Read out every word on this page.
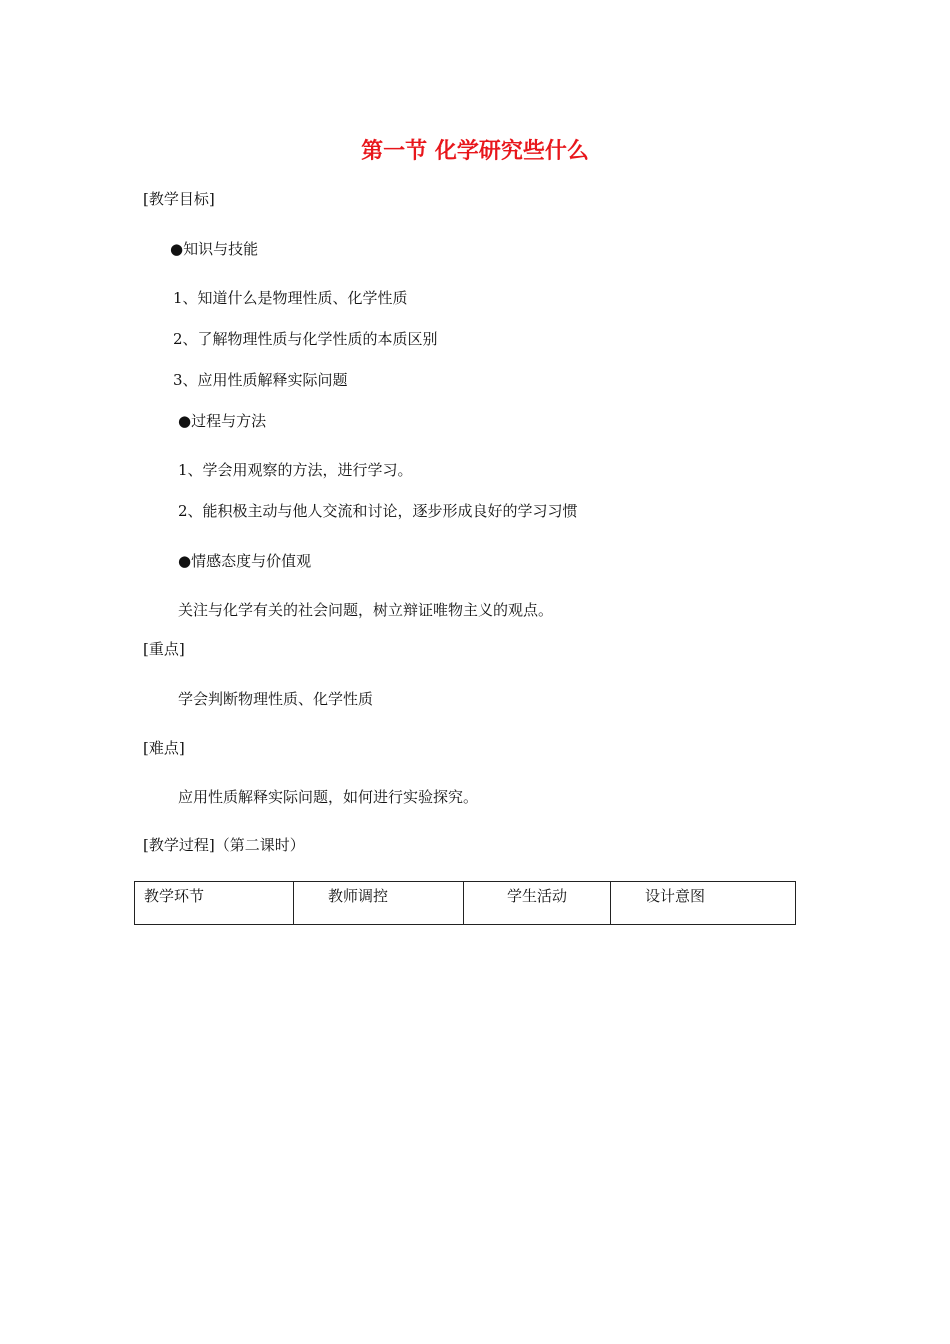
第一节 化学研究些什么
[教学目标]
●知识与技能
1、知道什么是物理性质、化学性质
2、了解物理性质与化学性质的本质区别
3、应用性质解释实际问题
●过程与方法
1、学会用观察的方法，进行学习。
2、能积极主动与他人交流和讨论，逐步形成良好的学习习惯
●情感态度与价值观
关注与化学有关的社会问题，树立辩证唯物主义的观点。
[重点]
学会判断物理性质、化学性质
[难点]
应用性质解释实际问题，如何进行实验探究。
[教学过程]（第二课时）
教学环节	教师调控	学生活动	设计意图
